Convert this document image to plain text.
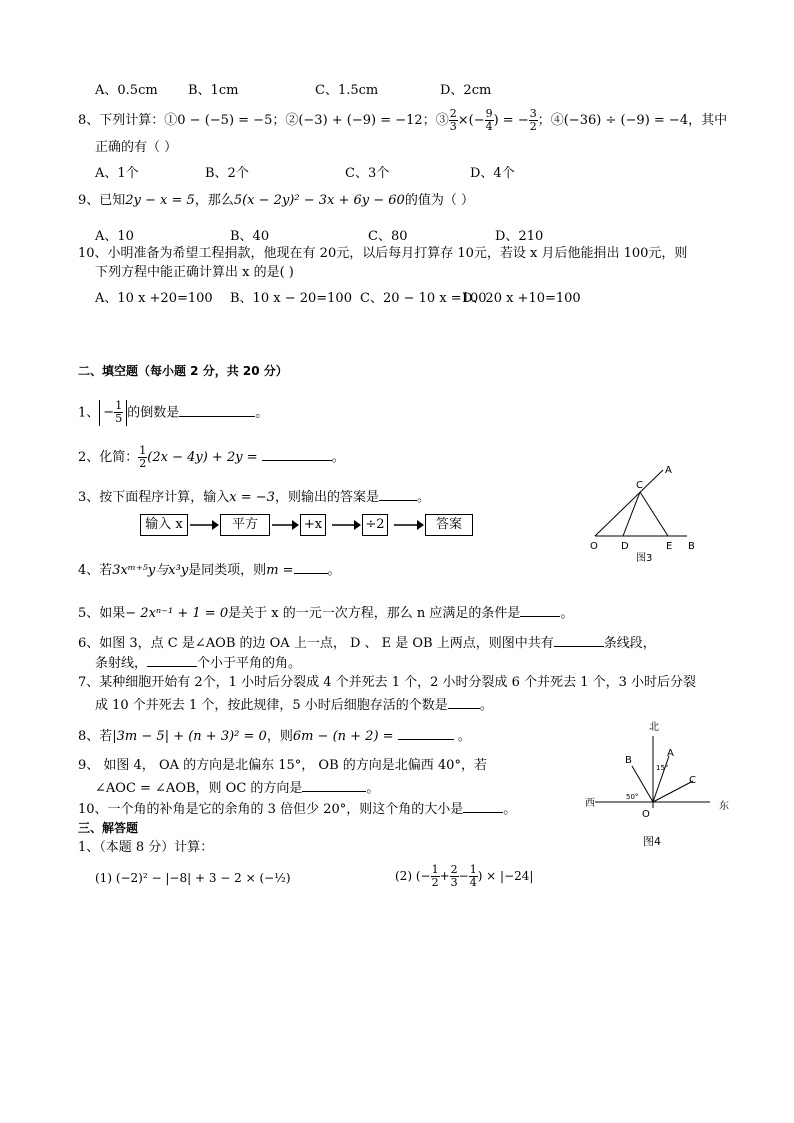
A、0.5cm B、1cm	C、1.5cm	D、2cm
8、下列计算：①0 − (−5) = −5；②(−3) + (−9) = −12；③ $\frac{2}{3}$ ×(− $\frac{9}{4}$ ) = − $\frac{3}{2}$ ；④(−36) ÷ (−9) = −4，其中
正确的有（ ）
A、1个	B、2个	C、3个	D、4个
9、已知2y − x = 5，那么5(x − 2y)² − 3x + 6y − 60的值为（ ）
A、10	B、40	C、80	D、210
10、小明准备为希望工程捐款，他现在有 20元，以后每月打算存 10元，若设 x 月后他能捐出 100元，则
下列方程中能正确计算出 x 的是( )
A、10 x +20=100 B、10 x − 20=100 C、20 − 10 x =100
D、20 x +10=100
二、填空题（每小题 2 分，共 20 分）
1、 − $\frac{1}{5}$ 的倒数是	。
2、化简： $\frac{1}{2} (2x - 4y) + 2y$ =	。
3、按下面程序计算，输入x = −3，则输出的答案是	。
输入 x	平方	+x	÷2	答案
A
C
O D	E B
图3
4、若3xᵐ⁺⁵y与x³y是同类项，则m =	。
5、如果− 2xⁿ⁻¹ + 1 = 0是关于 x 的一元一次方程，那么 n 应满足的条件是	。
6、如图 3，点 C 是∠AOB 的边 OA 上一点， D 、 E 是 OB 上两点，则图中共有	条线段，
条射线，	个小于平角的角。
7、某种细胞开始有 2个，1 小时后分裂成 4 个并死去 1 个，2 小时分裂成 6 个并死去 1 个，3 小时后分裂
成 10 个并死去 1 个，按此规律，5 小时后细胞存活的个数是 。
8、若|3m − 5| + (n + 3)² = 0，则6m − (n + 2) =	。
北
B
A
15°
C
50°
西	东
O
图4
9、 如图 4， OA 的方向是北偏东 15°， OB 的方向是北偏西 40°，若
∠AOC = ∠AOB，则 OC 的方向是	。
10、一个角的补角是它的余角的 3 倍但少 20°，则这个角的大小是	。
三、解答题
1、（本题 8 分）计算：
(1) (−2)² − |−8| + 3 − 2 × (−½)	(2) (− $\frac{1}{2} + \frac{2}{3} - \frac{1}{4}$ ) × |−24|
